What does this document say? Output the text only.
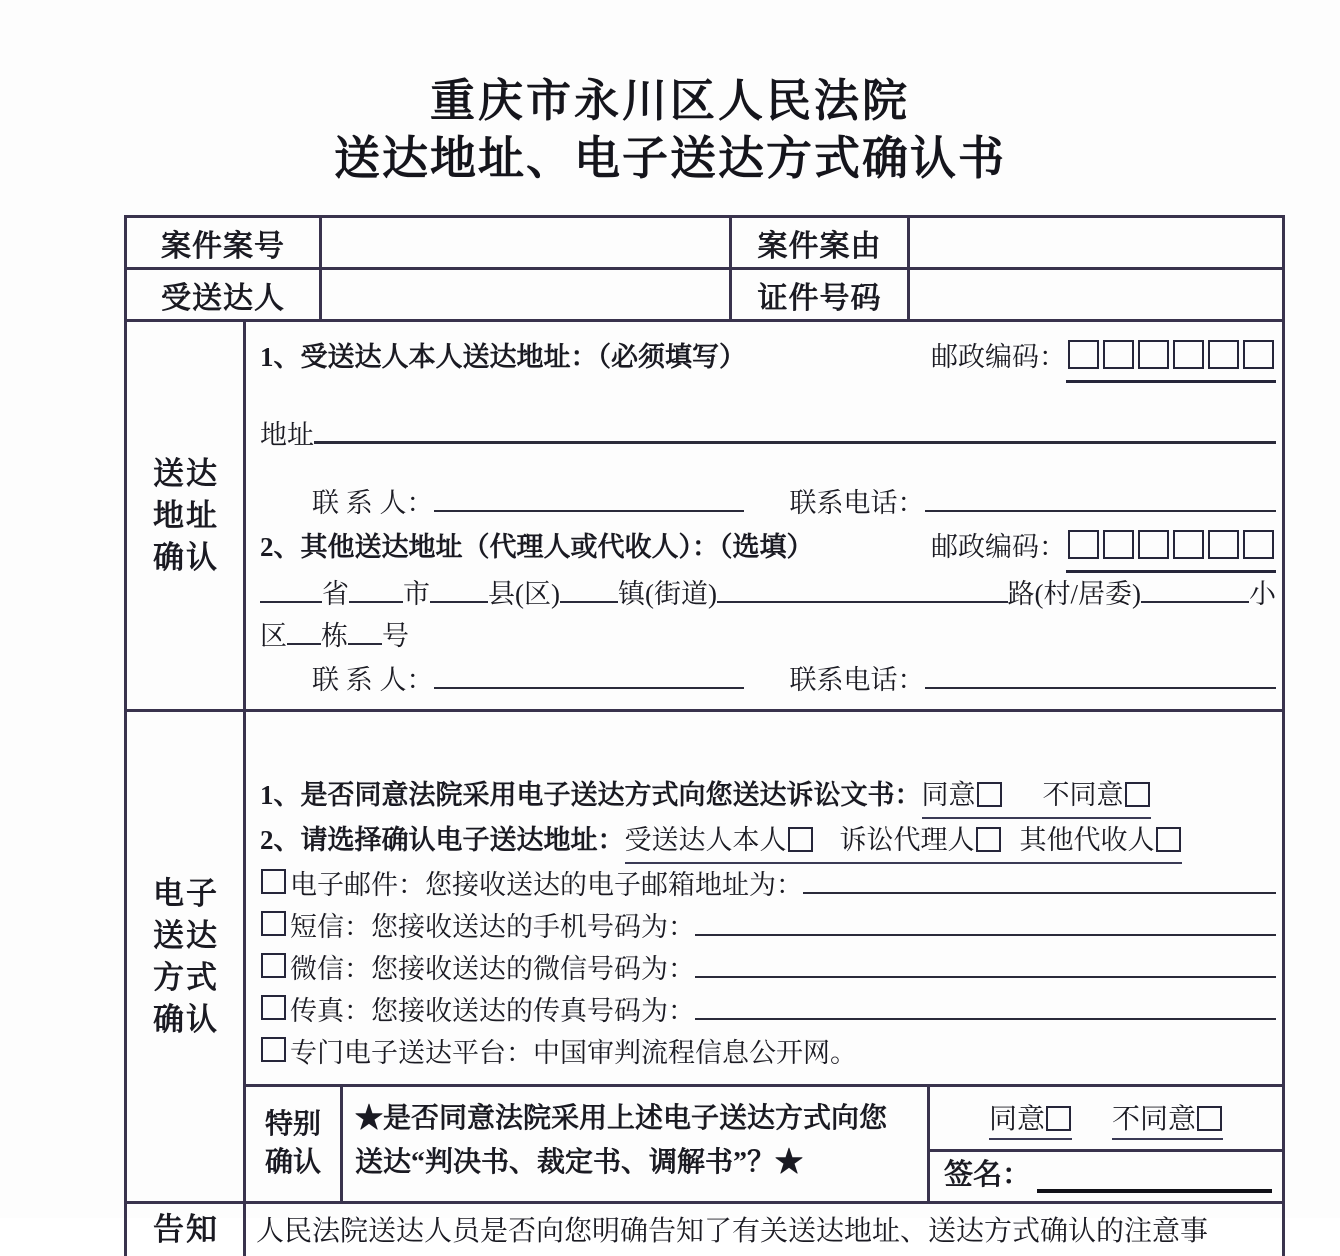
重庆市永川区人民法院
送达地址、电子送达方式确认书
案件案号	案件案由
受送达人	证件号码
送 达
地 址
确 认
1、 受送达人本人送达地址：（必须填写）	邮政编码：
地址
联 系 人：	联系电话：
2、 其他送达地址（代理人或代收人）：（选填）	邮政编码：
省 市 县(区) 镇(街道)	路(村/居委)	小
区 栋 号
联 系 人：	联系电话：
电 子
送 达
方 式
确 认
1、 是否同意法院采用电子送达方式向您送达诉讼文书： 同意
	不同意
2、 请选择确认电子送达地址： 受送达人本人
	诉讼代理人
	其他代收人
电子邮件 ： 您接收送达的电子邮箱地址为：
短信 ： 您接收送达的手机号码为：
微信 ： 您接收送达的微信号码为：
传真 ： 您接收送达的传真号码为：
专门电子送达平台 ： 中国审判流程信息公开网。
特别
确认
★是否同意法院采用上述电子送达方式向您
送达“判决书、裁定书、调解书”？★
同意	不同意
签名：
告 知	人民法院送达人员是否向您明确告知了有关送达地址、送达方式确认的注意事
